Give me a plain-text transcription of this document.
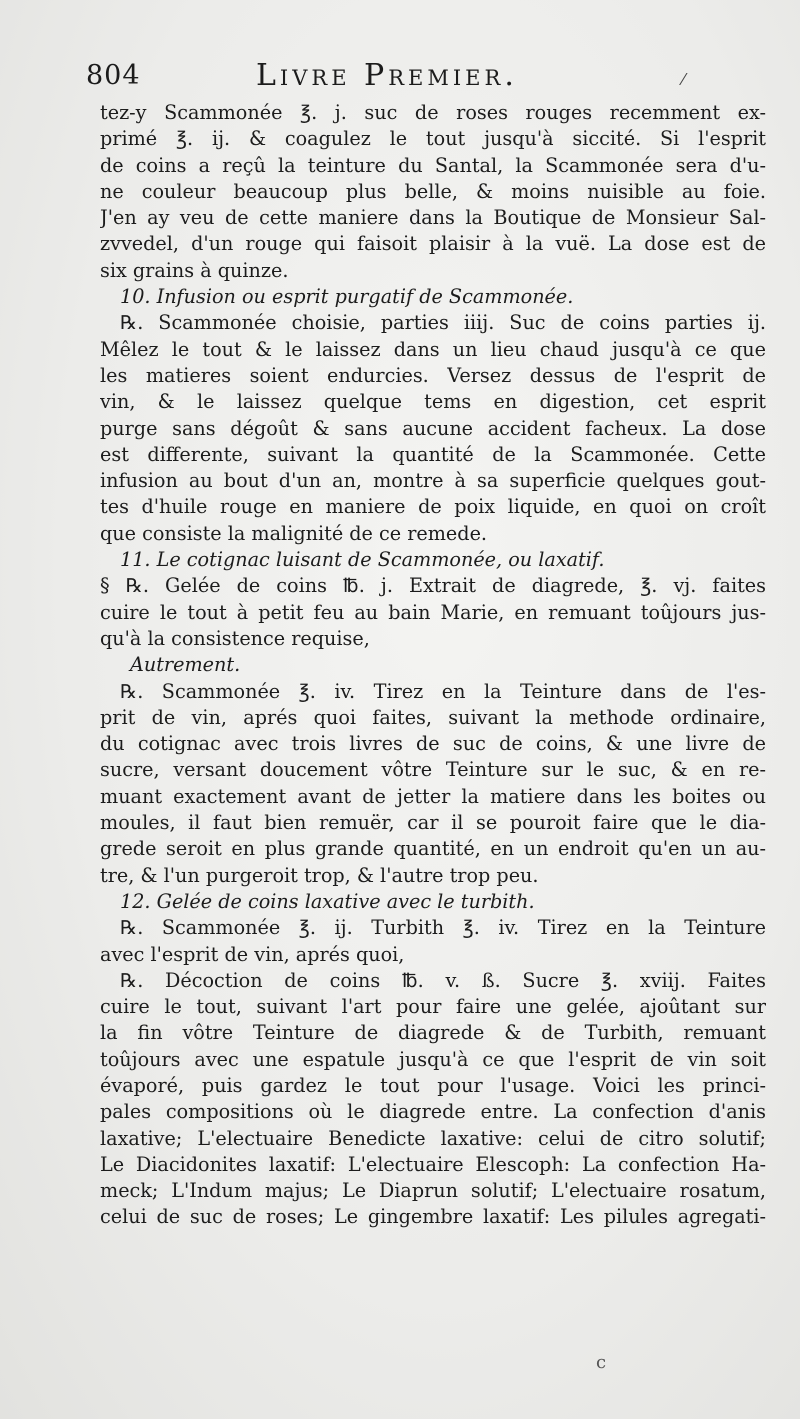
804	Livre Premier.	⁄
tez-y Scammonée ℥. j. suc de roses rouges recemment ex-
primé ℥. ij. & coagulez le tout jusqu'à siccité. Si l'esprit
de coins a reçû la teinture du Santal, la Scammonée sera d'u-
ne couleur beaucoup plus belle, & moins nuisible au foie.
J'en ay veu de cette maniere dans la Boutique de Monsieur Sal-
zvvedel, d'un rouge qui faisoit plaisir à la vuë. La dose est de
six grains à quinze.
10. Infusion ou esprit purgatif de Scammonée.
℞. Scammonée choisie, parties iiij. Suc de coins parties ij.
Mêlez le tout & le laissez dans un lieu chaud jusqu'à ce que
les matieres soient endurcies. Versez dessus de l'esprit de
vin, & le laissez quelque tems en digestion, cet esprit
purge sans dégoût & sans aucune accident facheux. La dose
est differente, suivant la quantité de la Scammonée. Cette
infusion au bout d'un an, montre à sa superficie quelques gout-
tes d'huile rouge en maniere de poix liquide, en quoi on croît
que consiste la malignité de ce remede.
11. Le cotignac luisant de Scammonée, ou laxatif.
§ ℞. Gelée de coins ℔. j. Extrait de diagrede, ℥. vj. faites
cuire le tout à petit feu au bain Marie, en remuant toûjours jus-
qu'à la consistence requise,
Autrement.
℞. Scammonée ℥. iv. Tirez en la Teinture dans de l'es-
prit de vin, aprés quoi faites, suivant la methode ordinaire,
du cotignac avec trois livres de suc de coins, & une livre de
sucre, versant doucement vôtre Teinture sur le suc, & en re-
muant exactement avant de jetter la matiere dans les boites ou
moules, il faut bien remuër, car il se pouroit faire que le dia-
grede seroit en plus grande quantité, en un endroit qu'en un au-
tre, & l'un purgeroit trop, & l'autre trop peu.
12. Gelée de coins laxative avec le turbith.
℞. Scammonée ℥. ij. Turbith ℥. iv. Tirez en la Teinture
avec l'esprit de vin, aprés quoi,
℞. Décoction de coins ℔. v. ß. Sucre ℥. xviij. Faites
cuire le tout, suivant l'art pour faire une gelée, ajoûtant sur
la fin vôtre Teinture de diagrede & de Turbith, remuant
toûjours avec une espatule jusqu'à ce que l'esprit de vin soit
évaporé, puis gardez le tout pour l'usage. Voici les princi-
pales compositions où le diagrede entre. La confection d'anis
laxative; L'electuaire Benedicte laxative: celui de citro solutif;
Le Diacidonites laxatif: L'electuaire Elescoph: La confection Ha-
meck; L'Indum majus; Le Diaprun solutif; L'electuaire rosatum,
celui de suc de roses; Le gingembre laxatif: Les pilules agregati-
c
